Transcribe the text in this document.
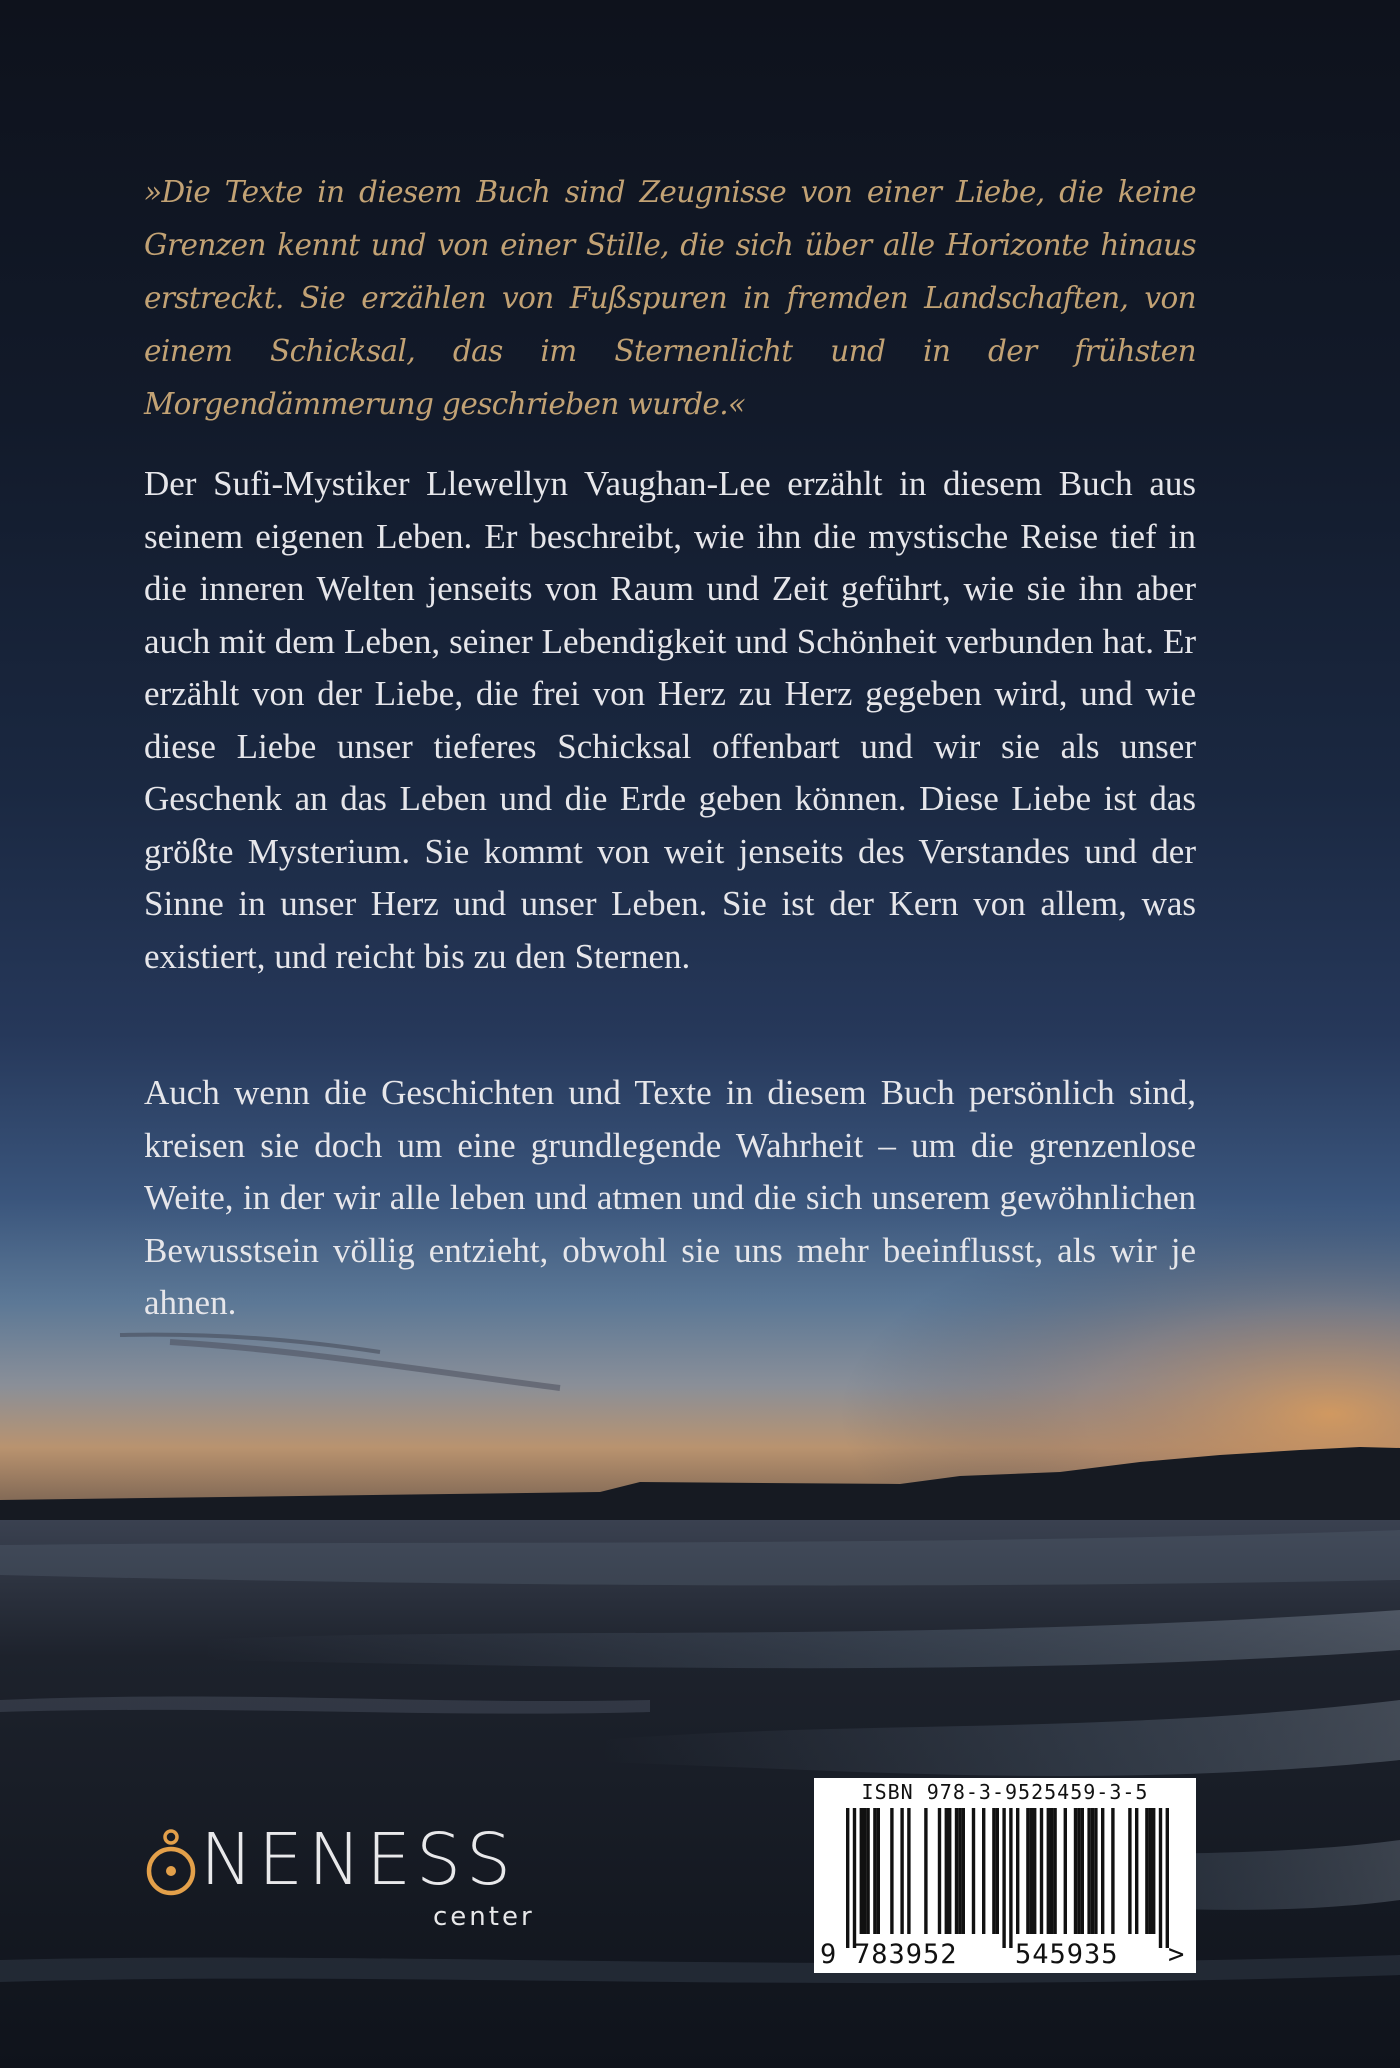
»Die Texte in diesem Buch sind Zeugnisse von einer Liebe, die keine Grenzen kennt und von einer Stille, die sich über alle Horizonte hinaus erstreckt. Sie erzählen von Fußspuren in fremden Landschaften, von einem Schicksal, das im Sternenlicht und in der frühsten Morgendämmerung geschrieben wurde.«

Der Sufi-Mystiker Llewellyn Vaughan-Lee erzählt in diesem Buch aus seinem eigenen Leben. Er beschreibt, wie ihn die mystische Reise tief in die inneren Welten jenseits von Raum und Zeit geführt, wie sie ihn aber auch mit dem Leben, seiner Lebendigkeit und Schönheit verbunden hat. Er erzählt von der Liebe, die frei von Herz zu Herz gegeben wird, und wie diese Liebe unser tieferes Schicksal offenbart und wir sie als unser Geschenk an das Leben und die Erde geben können. Diese Liebe ist das größte Mysterium. Sie kommt von weit jenseits des Verstandes und der Sinne in unser Herz und unser Leben. Sie ist der Kern von allem, was existiert, und reicht bis zu den Sternen.

Auch wenn die Geschichten und Texte in diesem Buch persönlich sind, kreisen sie doch um eine grundlegende Wahrheit – um die grenzenlose Weite, in der wir alle leben und atmen und die sich unserem gewöhnlichen Bewusstsein völlig entzieht, obwohl sie uns mehr beeinflusst, als wir je ahnen.

NENESS
center
ISBN 978-3-9525459-3-5
9 783952 545935 >
